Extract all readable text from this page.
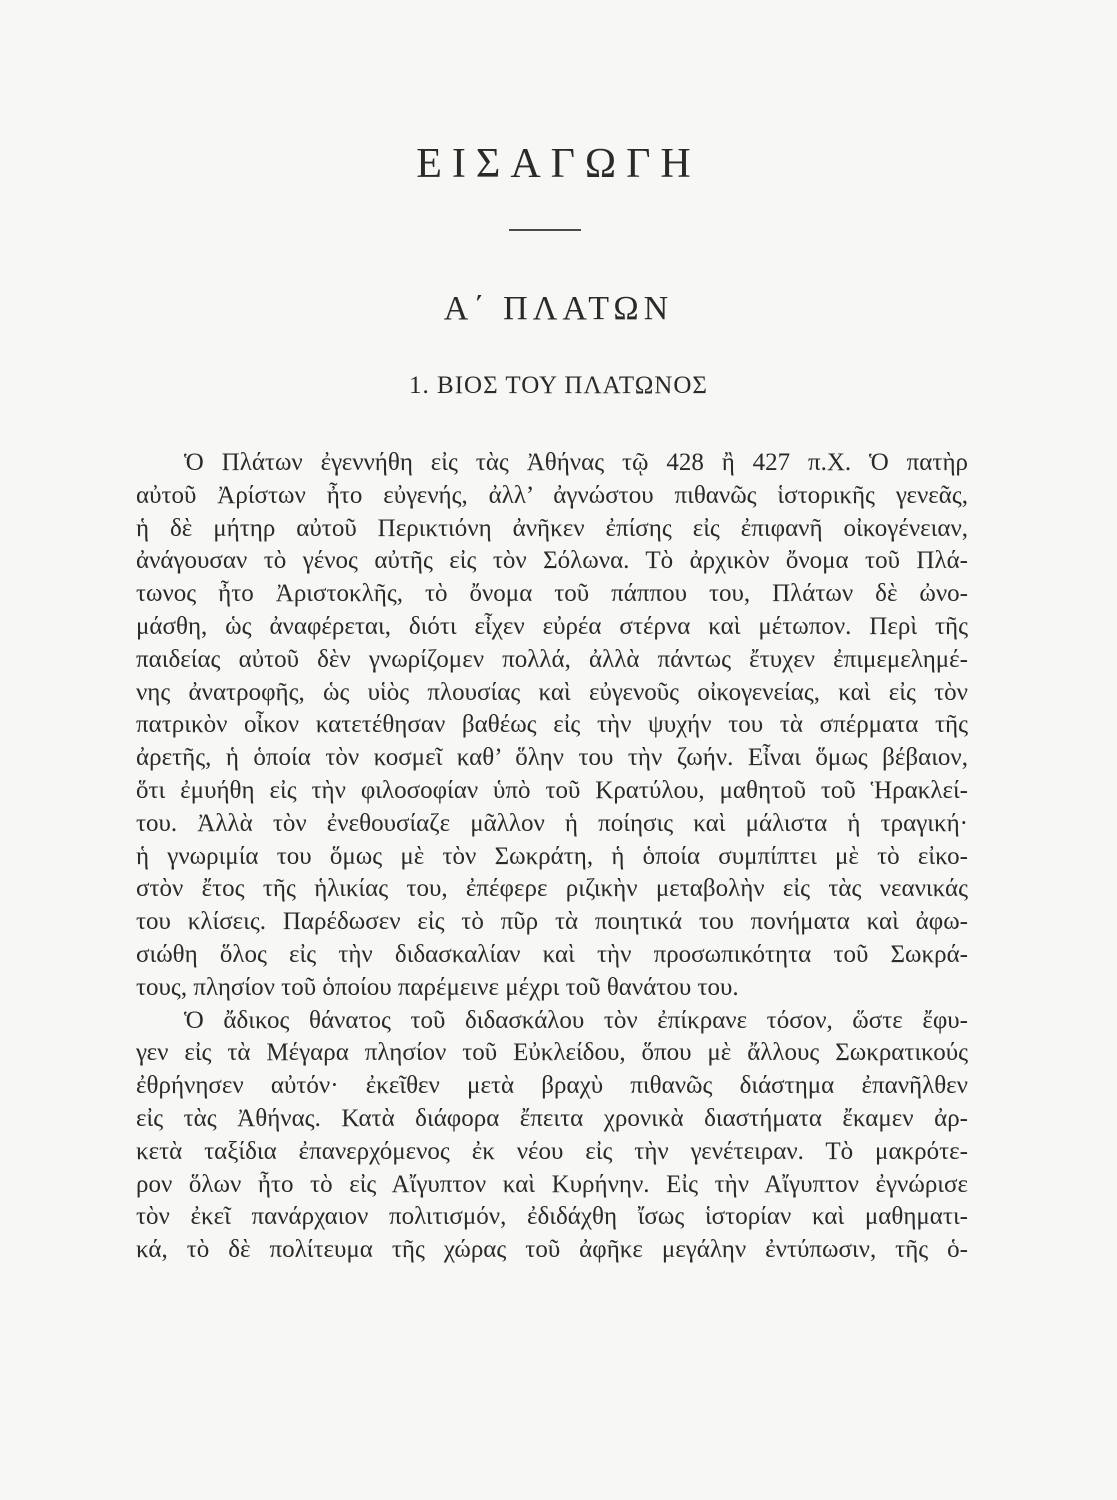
ΕΙΣΑΓΩΓΗ
Α΄ ΠΛΑΤΩΝ
1. ΒΙΟΣ ΤΟΥ ΠΛΑΤΩΝΟΣ
Ὁ Πλάτων ἐγεννήθη εἰς τὰς Ἀθήνας τῷ 428 ἢ 427 π.Χ. Ὁ πατὴρ
αὐτοῦ Ἀρίστων ἦτο εὐγενής, ἀλλ’ ἀγνώστου πιθανῶς ἱστορικῆς γενεᾶς,
ἡ δὲ μήτηρ αὐτοῦ Περικτιόνη ἀνῆκεν ἐπίσης εἰς ἐπιφανῆ οἰκογένειαν,
ἀνάγουσαν τὸ γένος αὐτῆς εἰς τὸν Σόλωνα. Τὸ ἀρχικὸν ὄνομα τοῦ Πλά-
τωνος ἦτο Ἀριστοκλῆς, τὸ ὄνομα τοῦ πάππου του, Πλάτων δὲ ὠνο-
μάσθη, ὡς ἀναφέρεται, διότι εἶχεν εὐρέα στέρνα καὶ μέτωπον. Περὶ τῆς
παιδείας αὐτοῦ δὲν γνωρίζομεν πολλά, ἀλλὰ πάντως ἔτυχεν ἐπιμεμελημέ-
νης ἀνατροφῆς, ὡς υἱὸς πλουσίας καὶ εὐγενοῦς οἰκογενείας, καὶ εἰς τὸν
πατρικὸν οἶκον κατετέθησαν βαθέως εἰς τὴν ψυχήν του τὰ σπέρματα τῆς
ἀρετῆς, ἡ ὁποία τὸν κοσμεῖ καθ’ ὅλην του τὴν ζωήν. Εἶναι ὅμως βέβαιον,
ὅτι ἐμυήθη εἰς τὴν φιλοσοφίαν ὑπὸ τοῦ Κρατύλου, μαθητοῦ τοῦ Ἡρακλεί-
του. Ἀλλὰ τὸν ἐνεθουσίαζε μᾶλλον ἡ ποίησις καὶ μάλιστα ἡ τραγική·
ἡ γνωριμία του ὅμως μὲ τὸν Σωκράτη, ἡ ὁποία συμπίπτει μὲ τὸ εἰκο-
στὸν ἔτος τῆς ἡλικίας του, ἐπέφερε ριζικὴν μεταβολὴν εἰς τὰς νεανικάς
του κλίσεις. Παρέδωσεν εἰς τὸ πῦρ τὰ ποιητικά του πονήματα καὶ ἀφω-
σιώθη ὅλος εἰς τὴν διδασκαλίαν καὶ τὴν προσωπικότητα τοῦ Σωκρά-
τους, πλησίον τοῦ ὁποίου παρέμεινε μέχρι τοῦ θανάτου του.
Ὁ ἄδικος θάνατος τοῦ διδασκάλου τὸν ἐπίκρανε τόσον, ὥστε ἔφυ-
γεν εἰς τὰ Μέγαρα πλησίον τοῦ Εὐκλείδου, ὅπου μὲ ἄλλους Σωκρατικούς
ἐθρήνησεν αὐτόν· ἐκεῖθεν μετὰ βραχὺ πιθανῶς διάστημα ἐπανῆλθεν
εἰς τὰς Ἀθήνας. Κατὰ διάφορα ἔπειτα χρονικὰ διαστήματα ἔκαμεν ἀρ-
κετὰ ταξίδια ἐπανερχόμενος ἐκ νέου εἰς τὴν γενέτειραν. Τὸ μακρότε-
ρον ὅλων ἦτο τὸ εἰς Αἴγυπτον καὶ Κυρήνην. Εἰς τὴν Αἴγυπτον ἐγνώρισε
τὸν ἐκεῖ πανάρχαιον πολιτισμόν, ἐδιδάχθη ἴσως ἱστορίαν καὶ μαθηματι-
κά, τὸ δὲ πολίτευμα τῆς χώρας τοῦ ἀφῆκε μεγάλην ἐντύπωσιν, τῆς ὁ-
